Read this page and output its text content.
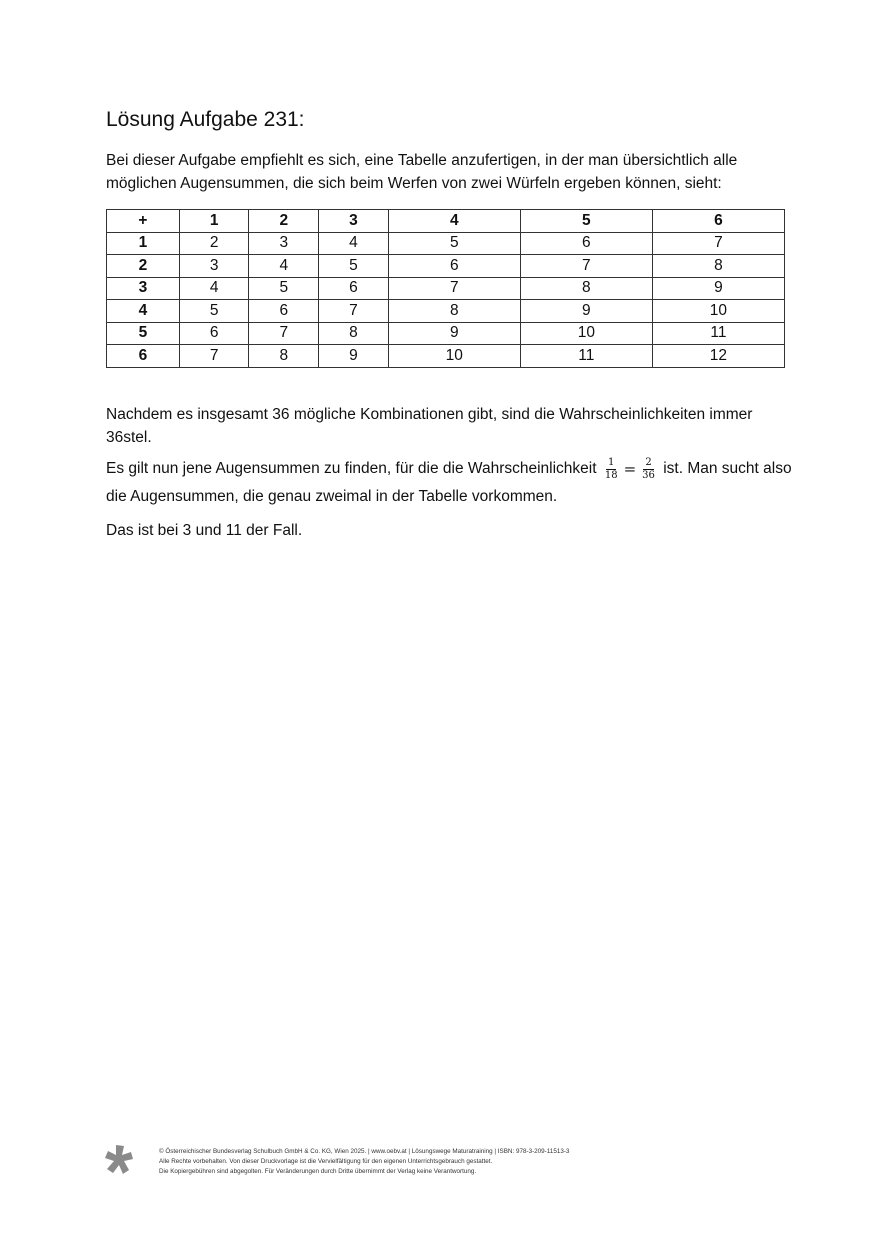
Lösung Aufgabe 231:

Bei dieser Aufgabe empfiehlt es sich, eine Tabelle anzufertigen, in der man übersichtlich alle möglichen Augensummen, die sich beim Werfen von zwei Würfeln ergeben können, sieht:

+	1	2	3	4	5	6
1	2	3	4	5	6	7
2	3	4	5	6	7	8
3	4	5	6	7	8	9
4	5	6	7	8	9	10
5	6	7	8	9	10	11
6	7	8	9	10	11	12

Nachdem es insgesamt 36 mögliche Kombinationen gibt, sind die Wahrscheinlichkeiten immer 36stel.

Es gilt nun jene Augensummen zu finden, für die die Wahrscheinlichkeit $\frac{1}{18} = \frac{2}{36}$ ist. Man sucht also die Augensummen, die genau zweimal in der Tabelle vorkommen.

Das ist bei 3 und 11 der Fall.

© Österreichischer Bundesverlag Schulbuch GmbH & Co. KG, Wien 2025. | www.oebv.at | Lösungswege Maturatraining | ISBN: 978-3-209-11513-3
Alle Rechte vorbehalten. Von dieser Druckvorlage ist die Vervielfältigung für den eigenen Unterrichtsgebrauch gestattet.
Die Kopiergebühren sind abgegolten. Für Veränderungen durch Dritte übernimmt der Verlag keine Verantwortung.
